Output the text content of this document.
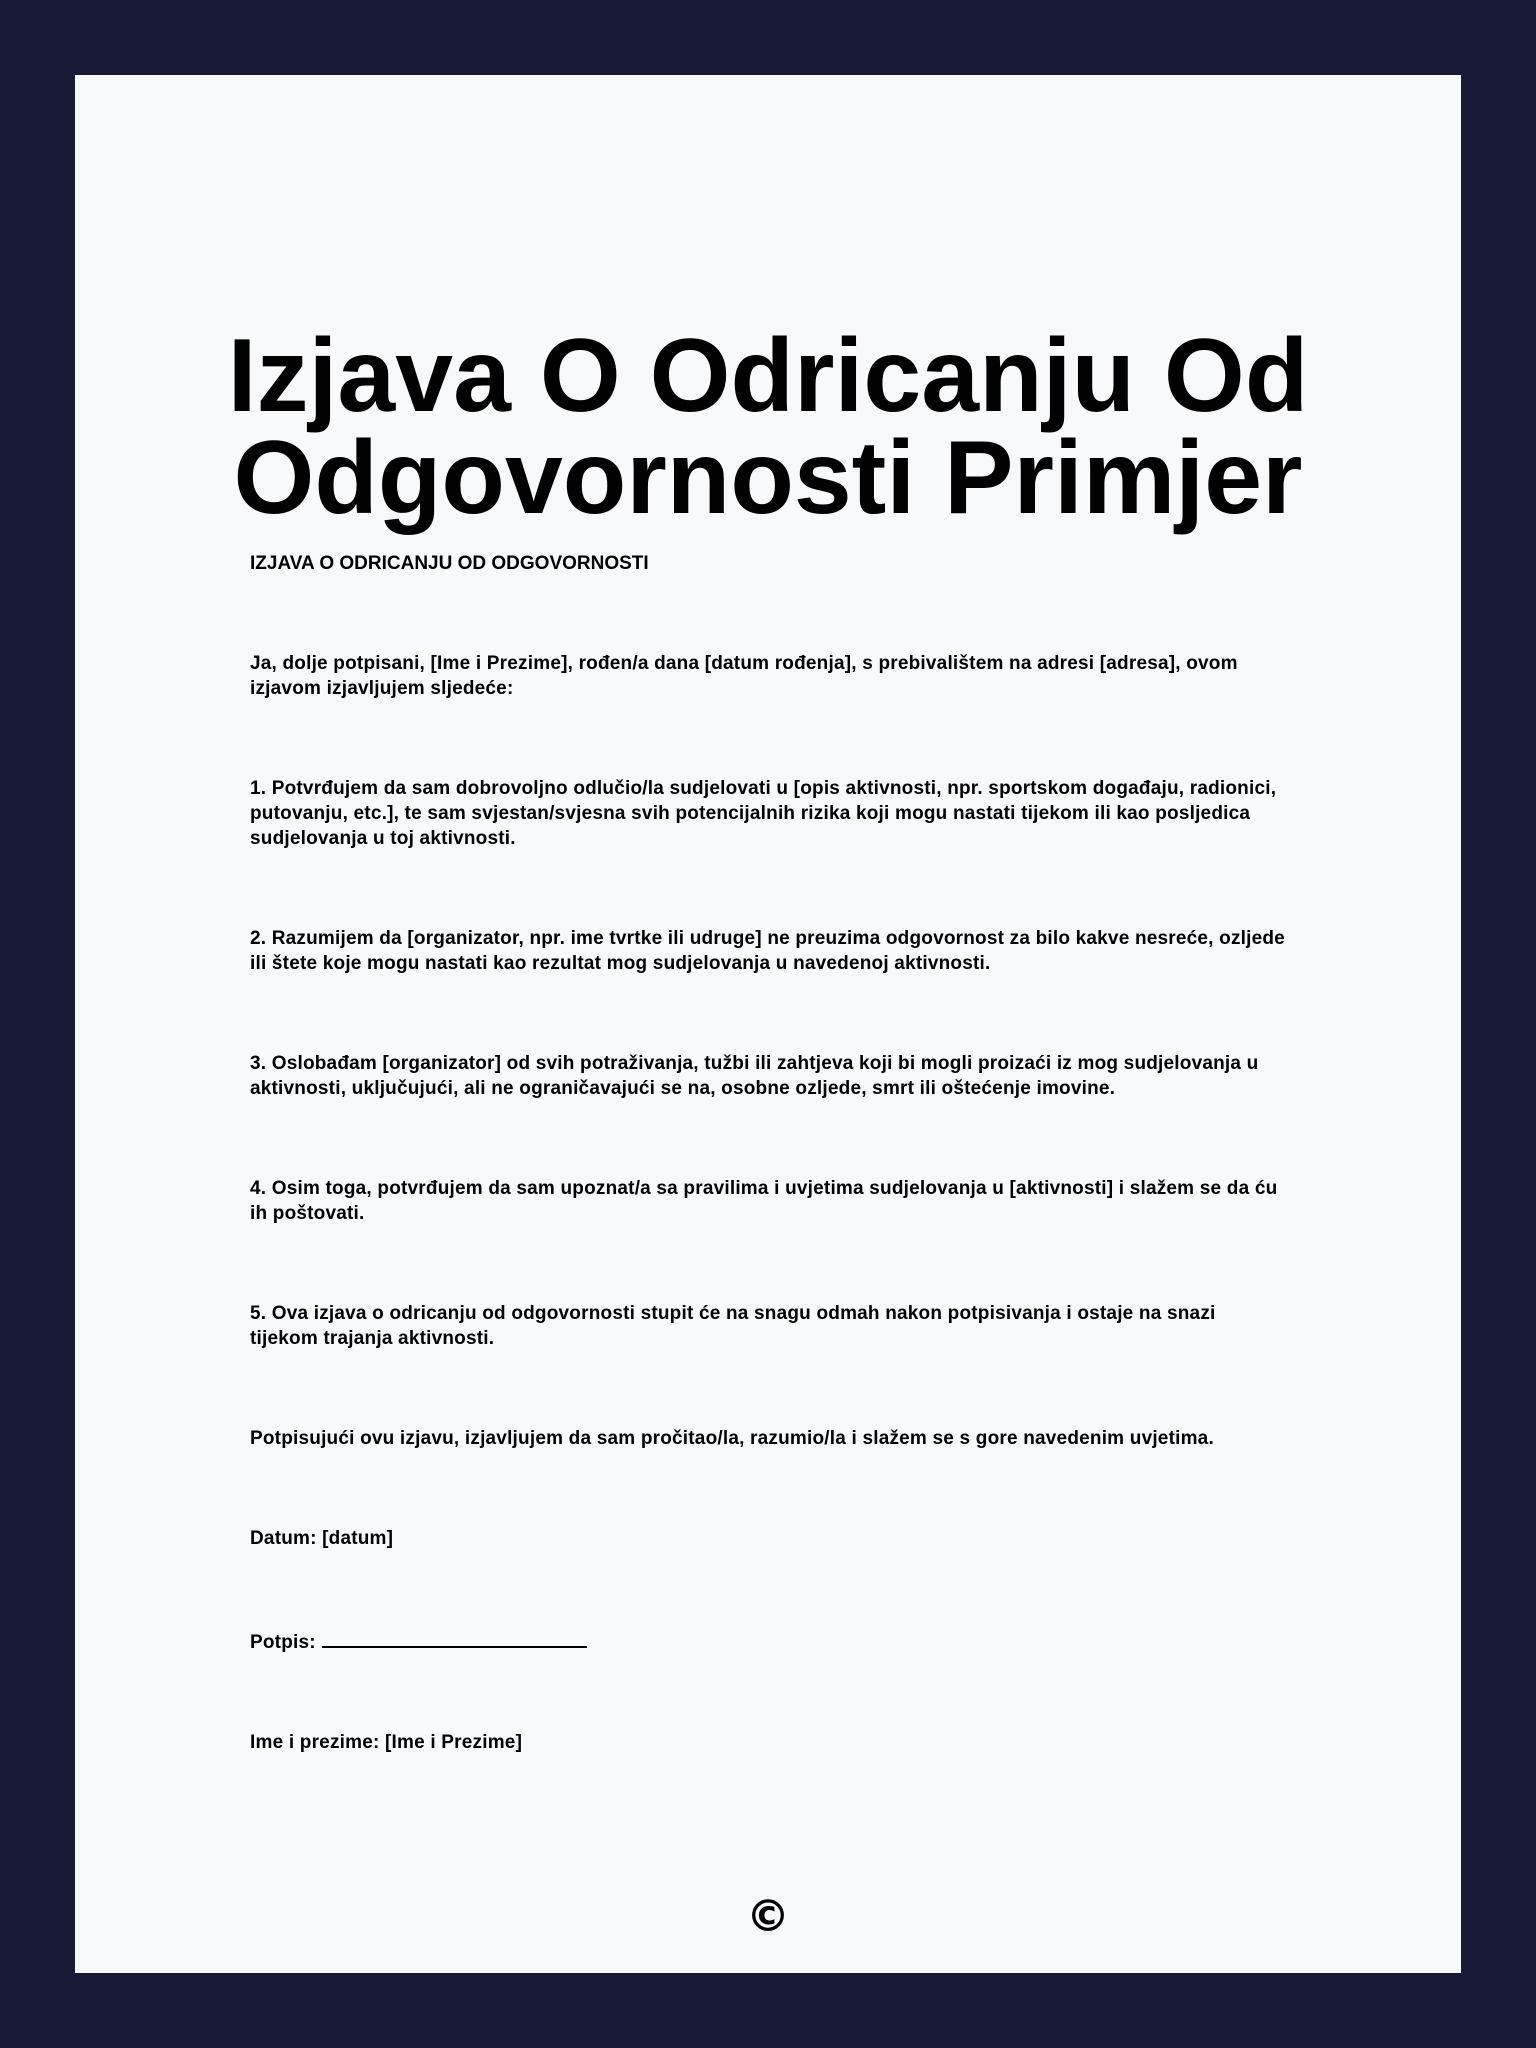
Izjava O Odricanju Od Odgovornosti Primjer

IZJAVA O ODRICANJU OD ODGOVORNOSTI

Ja, dolje potpisani, [Ime i Prezime], rođen/a dana [datum rođenja], s prebivalištem na adresi [adresa], ovom izjavom izjavljujem sljedeće:

1. Potvrđujem da sam dobrovoljno odlučio/la sudjelovati u [opis aktivnosti, npr. sportskom događaju, radionici, putovanju, etc.], te sam svjestan/svjesna svih potencijalnih rizika koji mogu nastati tijekom ili kao posljedica sudjelovanja u toj aktivnosti.

2. Razumijem da [organizator, npr. ime tvrtke ili udruge] ne preuzima odgovornost za bilo kakve nesreće, ozljede ili štete koje mogu nastati kao rezultat mog sudjelovanja u navedenoj aktivnosti.

3. Oslobađam [organizator] od svih potraživanja, tužbi ili zahtjeva koji bi mogli proizaći iz mog sudjelovanja u aktivnosti, uključujući, ali ne ograničavajući se na, osobne ozljede, smrt ili oštećenje imovine.

4. Osim toga, potvrđujem da sam upoznat/a sa pravilima i uvjetima sudjelovanja u [aktivnosti] i slažem se da ću ih poštovati.

5. Ova izjava o odricanju od odgovornosti stupit će na snagu odmah nakon potpisivanja i ostaje na snazi tijekom trajanja aktivnosti.

Potpisujući ovu izjavu, izjavljujem da sam pročitao/la, razumio/la i slažem se s gore navedenim uvjetima.

Datum: [datum]

Potpis:

Ime i prezime: [Ime i Prezime]

©
